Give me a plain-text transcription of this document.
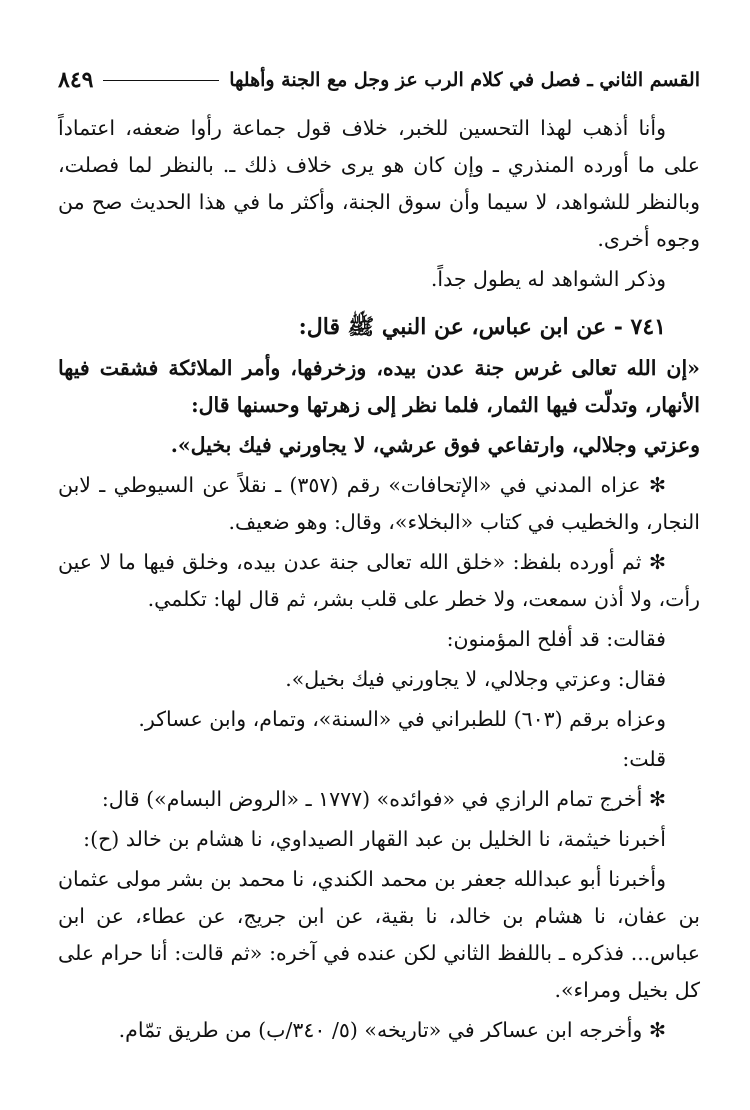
القسم الثاني ـ فصل في كلام الرب عز وجل مع الجنة وأهلها
٨٤٩

وأنا أذهب لهذا التحسين للخبر، خلاف قول جماعة رأوا ضعفه، اعتماداً على ما أورده المنذري ـ وإن كان هو يرى خلاف ذلك ـ. بالنظر لما فصلت، وبالنظر للشواهد، لا سيما وأن سوق الجنة، وأكثر ما في هذا الحديث صح من وجوه أخرى.

وذكر الشواهد له يطول جداً.

٧٤١ - عن ابن عباس، عن النبي ﷺ قال:

«إن الله تعالى غرس جنة عدن بيده، وزخرفها، وأمر الملائكة فشقت فيها الأنهار، وتدلّت فيها الثمار، فلما نظر إلى زهرتها وحسنها قال:

وعزتي وجلالي، وارتفاعي فوق عرشي، لا يجاورني فيك بخيل».

✻ عزاه المدني في «الإتحافات» رقم (٣٥٧) ـ نقلاً عن السيوطي ـ لابن النجار، والخطيب في كتاب «البخلاء»، وقال: وهو ضعيف.

✻ ثم أورده بلفظ: «خلق الله تعالى جنة عدن بيده، وخلق فيها ما لا عين رأت، ولا أذن سمعت، ولا خطر على قلب بشر، ثم قال لها: تكلمي.

فقالت: قد أفلح المؤمنون:

فقال: وعزتي وجلالي، لا يجاورني فيك بخيل».

وعزاه برقم (٦٠٣) للطبراني في «السنة»، وتمام، وابن عساكر.

قلت:

✻ أخرج تمام الرازي في «فوائده» (١٧٧٧ ـ «الروض البسام») قال:

أخبرنا خيثمة، نا الخليل بن عبد القهار الصيداوي، نا هشام بن خالد (ح):

وأخبرنا أبو عبدالله جعفر بن محمد الكندي، نا محمد بن بشر مولى عثمان بن عفان، نا هشام بن خالد، نا بقية، عن ابن جريج، عن عطاء، عن ابن عباس... فذكره ـ باللفظ الثاني لكن عنده في آخره: «ثم قالت: أنا حرام على كل بخيل ومراء».

✻ وأخرجه ابن عساكر في «تاريخه» (٥/ ٣٤٠/ب) من طريق تمّام.
